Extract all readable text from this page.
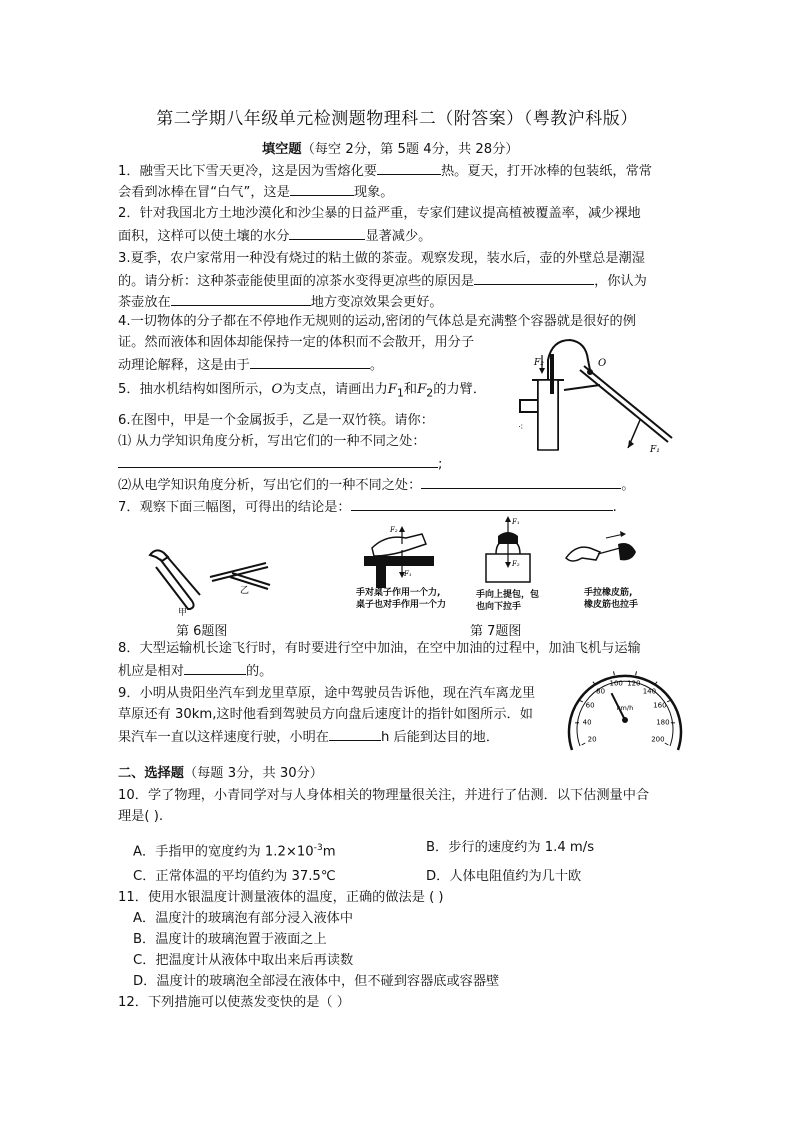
第二学期八年级单元检测题物理科二（附答案）（粤教沪科版）
填空题（每空 2分，第 5题 4分，共 28分）
1．融雪天比下雪天更冷，这是因为雪熔化要	热。夏天，打开冰棒的包装纸，常常
会看到冰棒在冒“白气”，这是	现象。
2．针对我国北方土地沙漠化和沙尘暴的日益严重，专家们建议提高植被覆盖率，减少裸地
面积，这样可以使土壤的水分	显著减少。
3.夏季，农户家常用一种没有烧过的粘土做的茶壶。观察发现，装水后，壶的外壁总是潮湿
的。请分析：这种茶壶能使里面的凉茶水变得更凉些的原因是	，你认为
茶壶放在	地方变凉效果会更好。
4.一切物体的分子都在不停地作无规则的运动,密闭的气体总是充满整个容器就是很好的例
证。然而液体和固体却能保持一定的体积而不会散开，用分子
动理论解释，这是由于	。
5．抽水机结构如图所示，O为支点，请画出力$F_1$和$F_2$的力臂．
F₂	O
F₁
⁖
6.在图中，甲是一个金属扳手，乙是一双竹筷。请你：
⑴ 从力学知识角度分析，写出它们的一种不同之处：
;
⑵从电学知识角度分析，写出它们的一种不同之处：	。
7．观察下面三幅图，可得出的结论是：	.
甲
乙
F₂
F₁
手对桌子作用一个力,
桌子也对手作用一个力
F₁
F₂
手向上提包，包
也向下拉手
手拉橡皮筋,
橡皮筋也拉手
第 6题图	第 7题图
8．大型运输机长途飞行时，有时要进行空中加油，在空中加油的过程中，加油飞机与运输
机应是相对	的。
9．小明从贵阳坐汽车到龙里草原，途中驾驶员告诉他，现在汽车离龙里
草原还有 30km,这时他看到驾驶员方向盘后速度计的指针如图所示．如
果汽车一直以这样速度行驶，小明在	h 后能到达目的地．	20
40
60
80
100 120
140
160
180
200
km/h
二、选择题（每题 3分，共 30分）
10．学了物理，小青同学对与人身体相关的物理量很关注，并进行了估测．以下估测量中合
理是( ).
A．手指甲的宽度约为 $1.2\times 10^{-3}m$	B．步行的速度约为 1.4 m/s
C．正常体温的平均值约为 37.5℃	D．人体电阻值约为几十欧
11．使用水银温度计测量液体的温度，正确的做法是 ( )
A．温度汁的玻璃泡有部分浸入液体中
B．温度计的玻璃泡置于液面之上
C．把温度计从液体中取出来后再读数
D．温度计的玻璃泡全部浸在液体中，但不碰到容器底或容器壁
12．下列措施可以使蒸发变快的是（ ）
